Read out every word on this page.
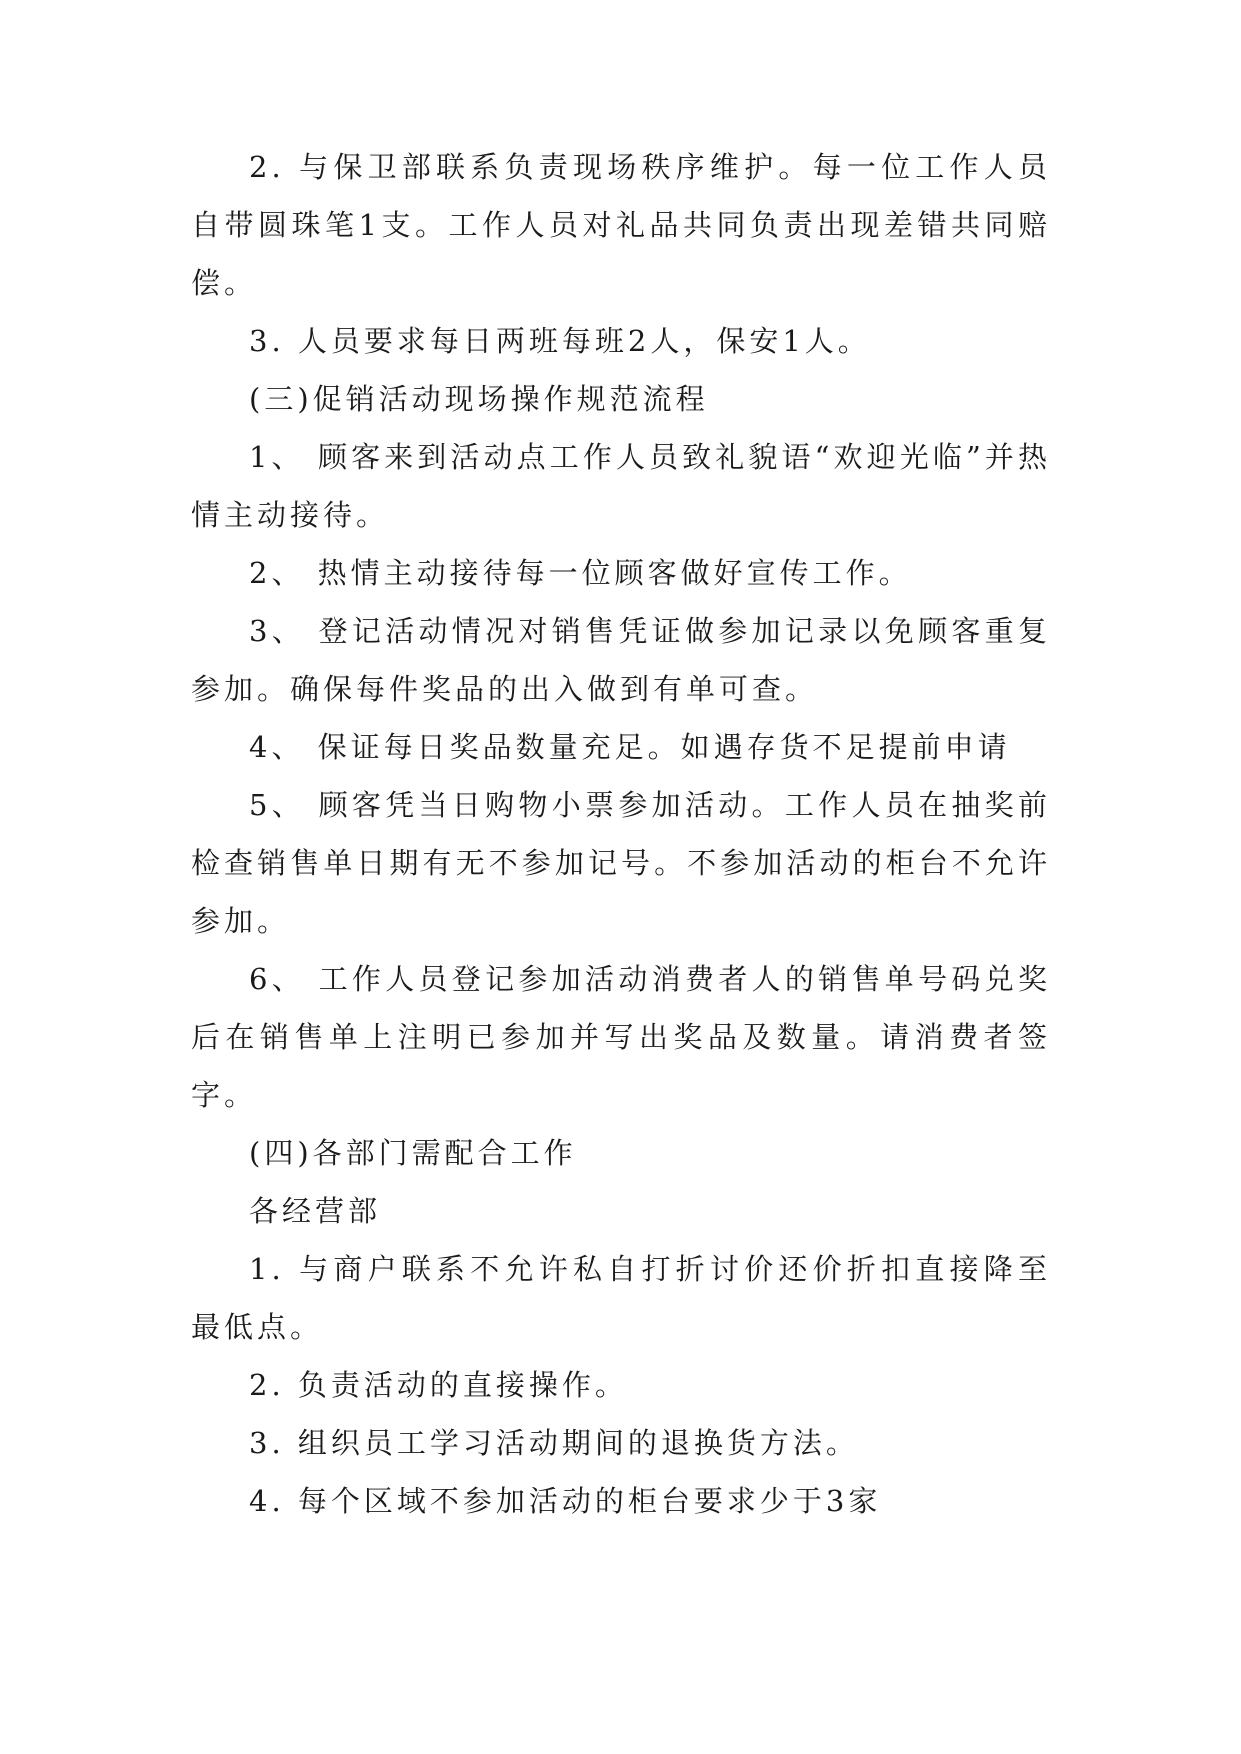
2. 与保卫部联系负责现场秩序维护。每一位工作人员自带圆珠笔1支。工作人员对礼品共同负责出现差错共同赔偿。

3. 人员要求每日两班每班2人，保安1人。

(三)促销活动现场操作规范流程

1、 顾客来到活动点工作人员致礼貌语“欢迎光临”并热情主动接待。

2、 热情主动接待每一位顾客做好宣传工作。

3、 登记活动情况对销售凭证做参加记录以免顾客重复参加。确保每件奖品的出入做到有单可查。

4、 保证每日奖品数量充足。如遇存货不足提前申请

5、 顾客凭当日购物小票参加活动。工作人员在抽奖前检查销售单日期有无不参加记号。不参加活动的柜台不允许参加。

6、 工作人员登记参加活动消费者人的销售单号码兑奖后在销售单上注明已参加并写出奖品及数量。请消费者签字。

(四)各部门需配合工作

各经营部

1. 与商户联系不允许私自打折讨价还价折扣直接降至最低点。

2. 负责活动的直接操作。

3. 组织员工学习活动期间的退换货方法。

4. 每个区域不参加活动的柜台要求少于3家
